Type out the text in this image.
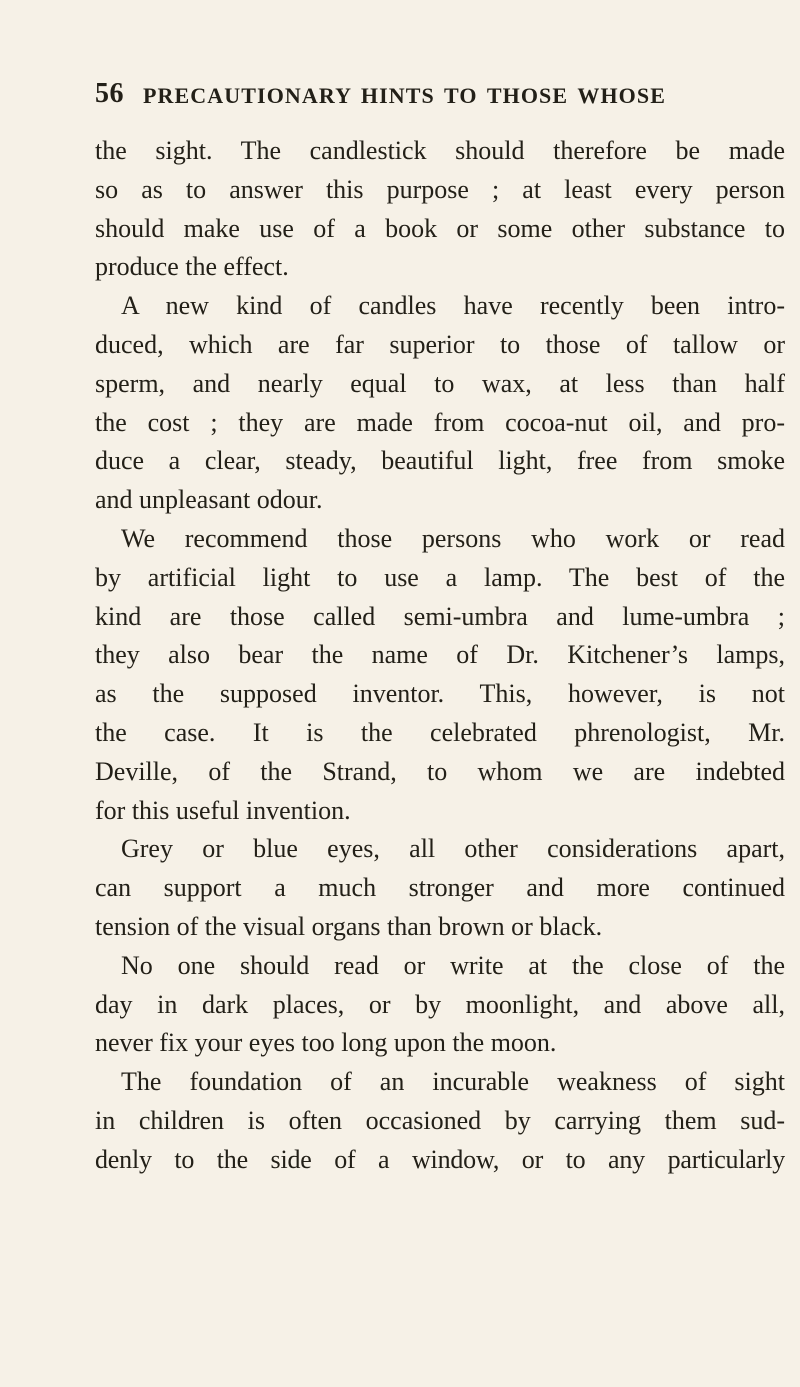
56 PRECAUTIONARY HINTS TO THOSE WHOSE
the sight. The candlestick should therefore be made
so as to answer this purpose ; at least every person
should make use of a book or some other substance to
produce the effect.
A new kind of candles have recently been intro-
duced, which are far superior to those of tallow or
sperm, and nearly equal to wax, at less than half
the cost ; they are made from cocoa-nut oil, and pro-
duce a clear, steady, beautiful light, free from smoke
and unpleasant odour.
We recommend those persons who work or read
by artificial light to use a lamp. The best of the
kind are those called semi-umbra and lume-umbra ;
they also bear the name of Dr. Kitchener’s lamps,
as the supposed inventor. This, however, is not
the case. It is the celebrated phrenologist, Mr.
Deville, of the Strand, to whom we are indebted
for this useful invention.
Grey or blue eyes, all other considerations apart,
can support a much stronger and more continued
tension of the visual organs than brown or black.
No one should read or write at the close of the
day in dark places, or by moonlight, and above all,
never fix your eyes too long upon the moon.
The foundation of an incurable weakness of sight
in children is often occasioned by carrying them sud-
denly to the side of a window, or to any particularly
